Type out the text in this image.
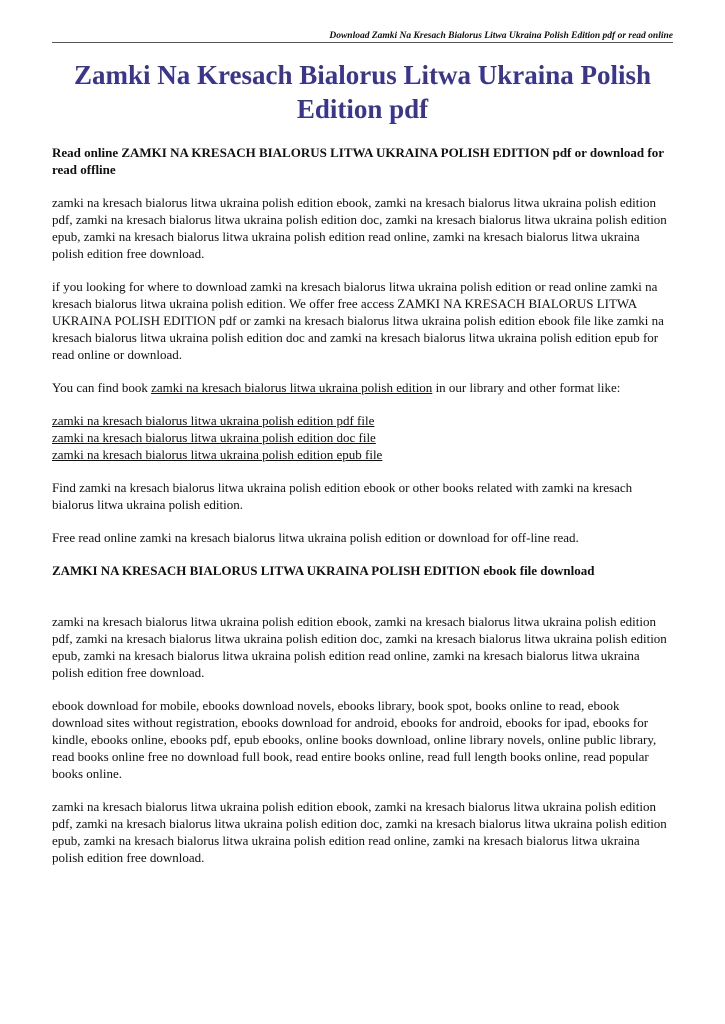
Download Zamki Na Kresach Bialorus Litwa Ukraina Polish Edition pdf or read online
Zamki Na Kresach Bialorus Litwa Ukraina Polish Edition pdf

Read online ZAMKI NA KRESACH BIALORUS LITWA UKRAINA POLISH EDITION pdf or download for read offline

zamki na kresach bialorus litwa ukraina polish edition ebook, zamki na kresach bialorus litwa ukraina polish edition pdf, zamki na kresach bialorus litwa ukraina polish edition doc, zamki na kresach bialorus litwa ukraina polish edition epub, zamki na kresach bialorus litwa ukraina polish edition read online, zamki na kresach bialorus litwa ukraina polish edition free download.

if you looking for where to download zamki na kresach bialorus litwa ukraina polish edition or read online zamki na kresach bialorus litwa ukraina polish edition. We offer free access ZAMKI NA KRESACH BIALORUS LITWA UKRAINA POLISH EDITION pdf or zamki na kresach bialorus litwa ukraina polish edition ebook file like zamki na kresach bialorus litwa ukraina polish edition doc and zamki na kresach bialorus litwa ukraina polish edition epub for read online or download.

You can find book zamki na kresach bialorus litwa ukraina polish edition in our library and other format like:

zamki na kresach bialorus litwa ukraina polish edition pdf file

zamki na kresach bialorus litwa ukraina polish edition doc file

zamki na kresach bialorus litwa ukraina polish edition epub file

Find zamki na kresach bialorus litwa ukraina polish edition ebook or other books related with zamki na kresach bialorus litwa ukraina polish edition.

Free read online zamki na kresach bialorus litwa ukraina polish edition or download for off-line read.

ZAMKI NA KRESACH BIALORUS LITWA UKRAINA POLISH EDITION ebook file download

zamki na kresach bialorus litwa ukraina polish edition ebook, zamki na kresach bialorus litwa ukraina polish edition pdf, zamki na kresach bialorus litwa ukraina polish edition doc, zamki na kresach bialorus litwa ukraina polish edition epub, zamki na kresach bialorus litwa ukraina polish edition read online, zamki na kresach bialorus litwa ukraina polish edition free download.

ebook download for mobile, ebooks download novels, ebooks library, book spot, books online to read, ebook download sites without registration, ebooks download for android, ebooks for android, ebooks for ipad, ebooks for kindle, ebooks online, ebooks pdf, epub ebooks, online books download, online library novels, online public library, read books online free no download full book, read entire books online, read full length books online, read popular books online.

zamki na kresach bialorus litwa ukraina polish edition ebook, zamki na kresach bialorus litwa ukraina polish edition pdf, zamki na kresach bialorus litwa ukraina polish edition doc, zamki na kresach bialorus litwa ukraina polish edition epub, zamki na kresach bialorus litwa ukraina polish edition read online, zamki na kresach bialorus litwa ukraina polish edition free download.
